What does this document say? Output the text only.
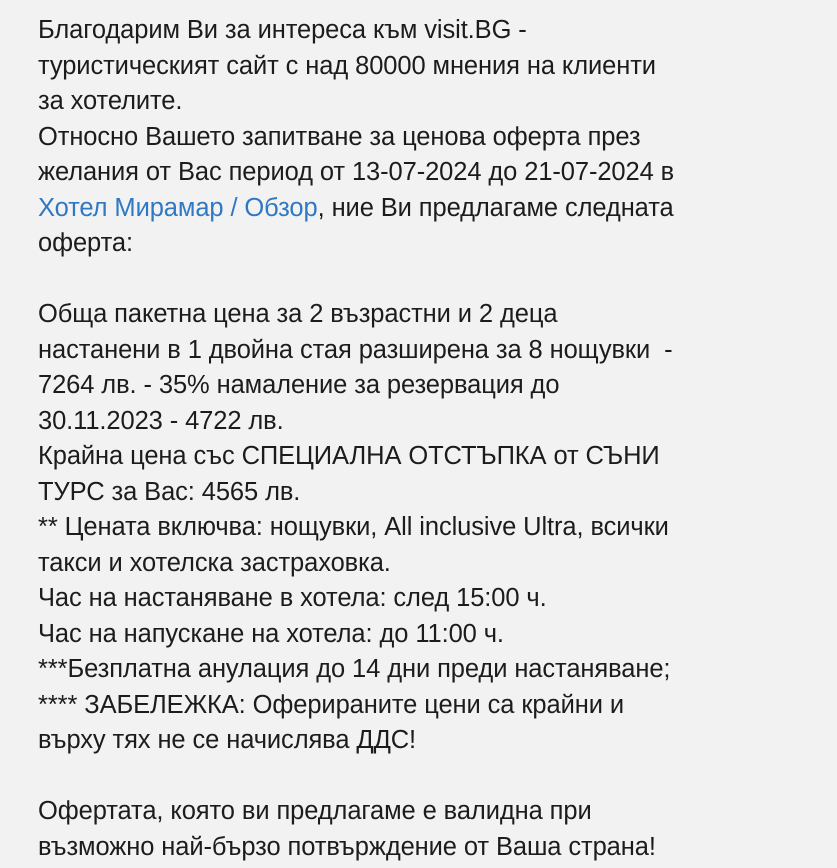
Благодарим Ви за интереса към visit.BG -
туристическият сайт с над 80000 мнения на клиенти
за хотелите.
Относно Вашето запитване за ценова оферта през
желания от Вас период от 13-07-2024 до 21-07-2024 в
Хотел Мирамар / Обзор, ние Ви предлагаме следната
оферта:
Обща пакетна цена за 2 възрастни и 2 деца
настанени в 1 двойна стая разширена за 8 нощувки  -
7264 лв. - 35% намаление за резервация до
30.11.2023 - 4722 лв.
Крайна цена със СПЕЦИАЛНА ОТСТЪПКА от СЪНИ
ТУРС за Вас: 4565 лв.
** Цената включва: нощувки, All inclusive Ultra, всички
такси и хотелска застраховка.
Час на настаняване в хотела: след 15:00 ч.
Час на напускане на хотела: до 11:00 ч.
***Безплатна анулация до 14 дни преди настаняване;
**** ЗАБЕЛЕЖКА: Оферираните цени са крайни и
върху тях не се начислява ДДС!
Офертата, която ви предлагаме е валидна при
възможно най-бързо потвърждение от Ваша страна!
